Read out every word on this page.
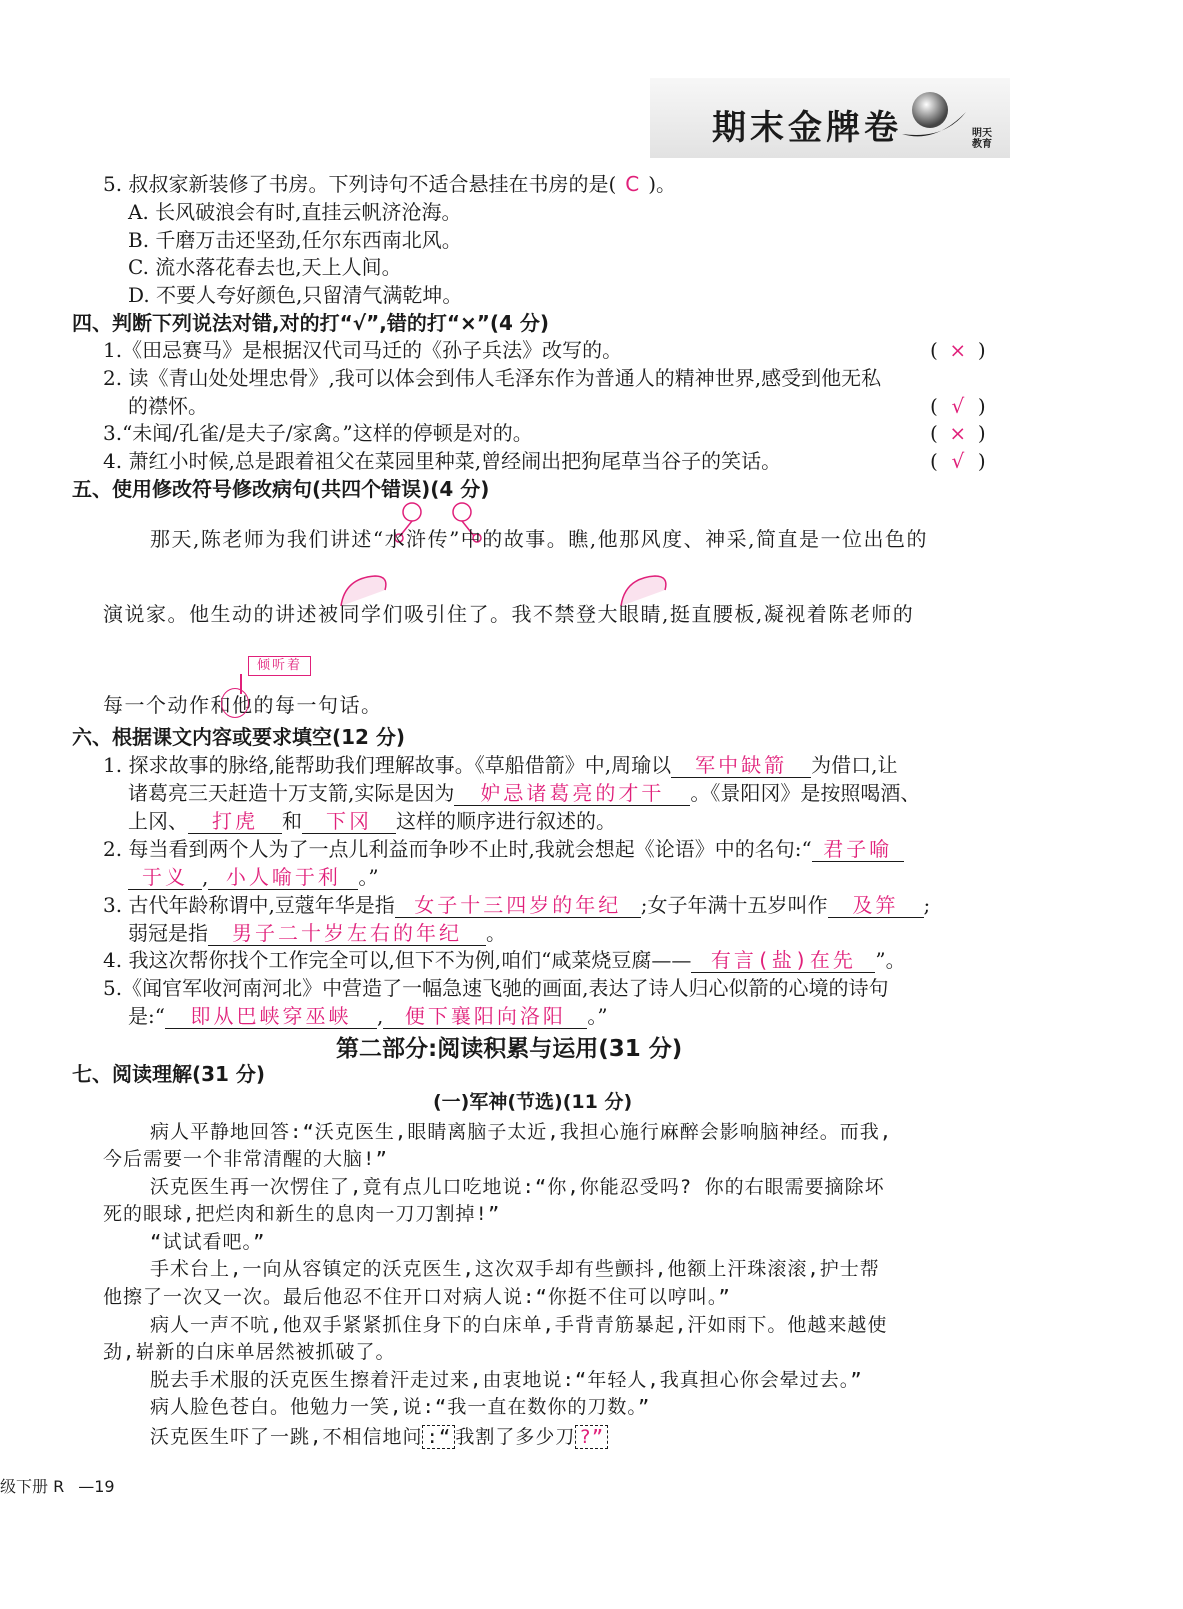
期末金牌卷	明天 教育
5. 叔叔家新装修了书房。下列诗句不适合悬挂在书房的是( C )。
A. 长风破浪会有时,直挂云帆济沧海。
B. 千磨万击还坚劲,任尔东西南北风。
C. 流水落花春去也,天上人间。
D. 不要人夸好颜色,只留清气满乾坤。
四、判断下列说法对错,对的打“√”,错的打“×”(4 分)
1.《田忌赛马》是根据汉代司马迁的《孙子兵法》改写的。	( × )
2. 读《青山处处埋忠骨》,我可以体会到伟人毛泽东作为普通人的精神世界,感受到他无私
的襟怀。	( √ )
3.“未闻/孔雀/是夫子/家禽。”这样的停顿是对的。	( × )
4. 萧红小时候,总是跟着祖父在菜园里种菜,曾经闹出把狗尾草当谷子的笑话。	( √ )
五、使用修改符号修改病句(共四个错误)(4 分)
那天,陈老师为我们讲述“水浒传”中的故事。瞧,他那风度、神采,简直是一位出色的
演说家。他生动的讲述被同学们吸引住了。我不禁登大眼睛,挺直腰板,凝视着陈老师的
倾听着
每一个动作和他的每一句话。
六、根据课文内容或要求填空(12 分)
1. 探求故事的脉络,能帮助我们理解故事。《草船借箭》中,周瑜以 军中缺箭 为借口,让
诸葛亮三天赶造十万支箭,实际是因为 妒忌诸葛亮的才干 。《景阳冈》是按照喝酒、
上冈、 打虎 和 下冈 这样的顺序进行叙述的。
2. 每当看到两个人为了一点儿利益而争吵不止时,我就会想起《论语》中的名句:“ 君子喻
于义 , 小人喻于利 。”
3. 古代年龄称谓中,豆蔻年华是指 女子十三四岁的年纪 ;女子年满十五岁叫作 及笄 ;
弱冠是指 男子二十岁左右的年纪 。
4. 我这次帮你找个工作完全可以,但下不为例,咱们“咸菜烧豆腐—— 有言(盐)在先 ”。
5.《闻官军收河南河北》中营造了一幅急速飞驰的画面,表达了诗人归心似箭的心境的诗句
是:“ 即从巴峡穿巫峡 , 便下襄阳向洛阳 。”
第二部分:阅读积累与运用(31 分)
七、阅读理解(31 分)
(一)军神(节选)(11 分)
病人平静地回答:“沃克医生,眼睛离脑子太近,我担心施行麻醉会影响脑神经。而我,
今后需要一个非常清醒的大脑!”
沃克医生再一次愣住了,竟有点儿口吃地说:“你,你能忍受吗? 你的右眼需要摘除坏
死的眼球,把烂肉和新生的息肉一刀刀割掉!”
“试试看吧。”
手术台上,一向从容镇定的沃克医生,这次双手却有些颤抖,他额上汗珠滚滚,护士帮
他擦了一次又一次。最后他忍不住开口对病人说:“你挺不住可以哼叫。”
病人一声不吭,他双手紧紧抓住身下的白床单,手背青筋暴起,汗如雨下。他越来越使
劲,崭新的白床单居然被抓破了。
脱去手术服的沃克医生擦着汗走过来,由衷地说:“年轻人,我真担心你会晕过去。”
病人脸色苍白。他勉力一笑,说:“我一直在数你的刀数。”
沃克医生吓了一跳,不相信地问 :“ 我割了多少刀 ?”
级下册 R —19
